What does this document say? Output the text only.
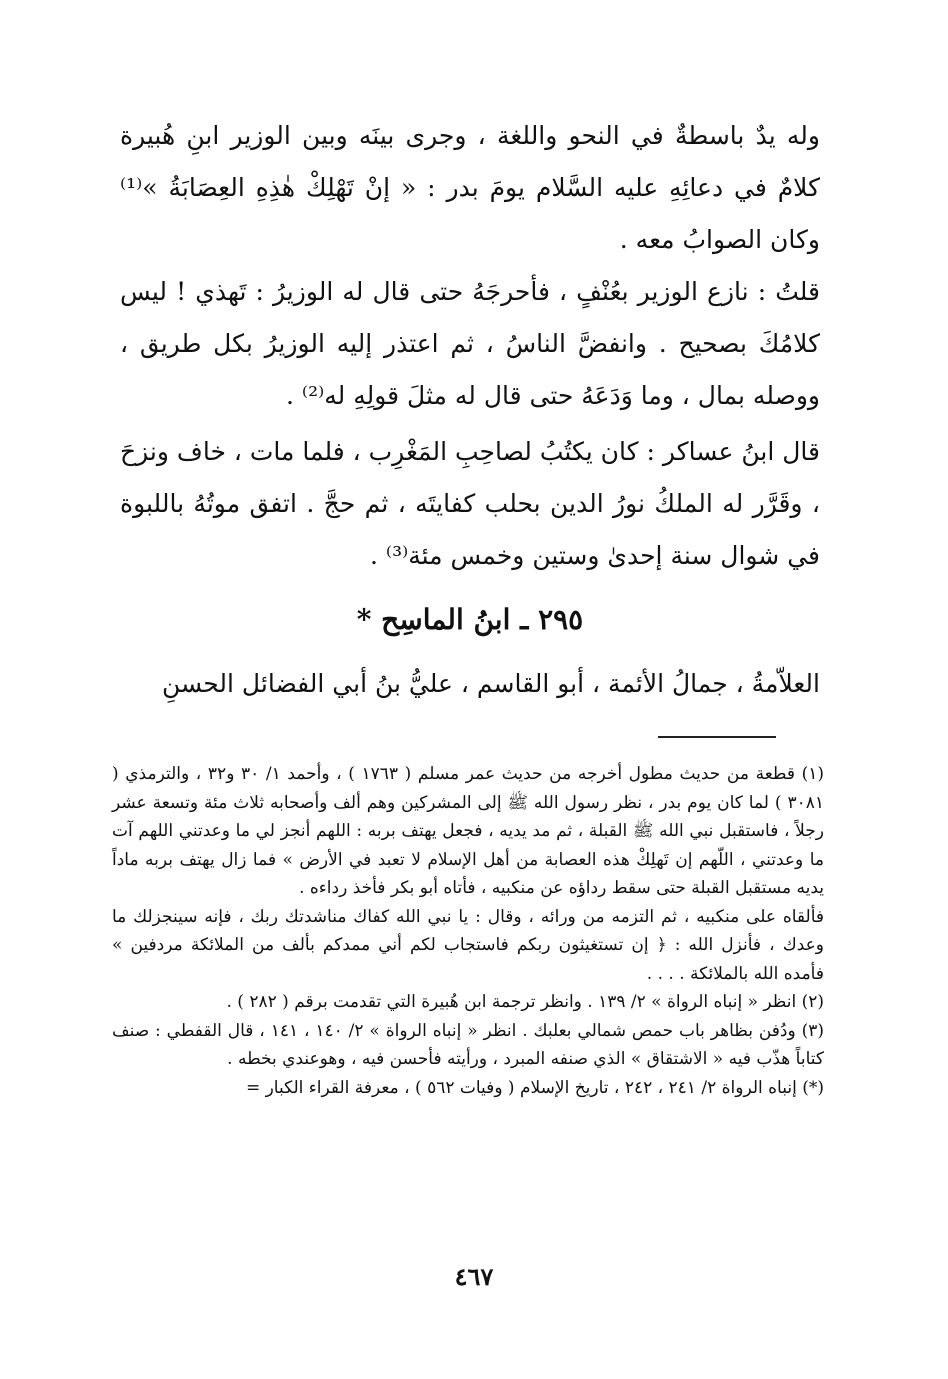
وله يدٌ باسطةٌ في النحو واللغة ، وجرى بينَه وبين الوزير ابنِ هُبيرة كلامٌ في دعائِهِ عليه السَّلام يومَ بدر : « إنْ تَهْلِكْ هٰذِهِ العِصَابَةُ »⁽¹⁾ وكان الصوابُ معه .

قلتُ : نازع الوزير بعُنْفٍ ، فأحرجَهُ حتى قال له الوزيرُ : تَهذي ! ليس كلامُكَ بصحيح . وانفضَّ الناسُ ، ثم اعتذر إليه الوزيرُ بكل طريق ، ووصله بمال ، وما وَدَعَهُ حتى قال له مثلَ قولِهِ له⁽²⁾ .

قال ابنُ عساكر : كان يكتُبُ لصاحِبِ المَغْرِب ، فلما مات ، خاف ونزحَ ، وقَرَّر له الملكُ نورُ الدين بحلب كفايتَه ، ثم حجَّ . اتفق موتُهُ باللبوة في شوال سنة إحدىٰ وستين وخمس مئة⁽³⁾ .

٢٩٥ ـ ابنُ الماسِح *

العلاّمةُ ، جمالُ الأئمة ، أبو القاسم ، عليُّ بنُ أبي الفضائل الحسنِ

(١) قطعة من حديث مطول أخرجه من حديث عمر مسلم ( ١٧٦٣ ) ، وأحمد ١/ ٣٠ و٣٢ ، والترمذي ( ٣٠٨١ ) لما كان يوم بدر ، نظر رسول الله ﷺ إلى المشركين وهم ألف وأصحابه ثلاث مئة وتسعة عشر رجلاً ، فاستقبل نبي الله ﷺ القبلة ، ثم مد يديه ، فجعل يهتف بربه : اللهم أنجز لي ما وعدتني اللهم آت ما وعدتني ، اللّهم إن تَهلِكْ هذه العصابة من أهل الإسلام لا تعبد في الأرض » فما زال يهتف بربه ماداً يديه مستقبل القبلة حتى سقط رداؤه عن منكبيه ، فأتاه أبو بكر فأخذ رداءه .

فألقاه على منكبيه ، ثم التزمه من ورائه ، وقال : يا نبي الله كفاك مناشدتك ربك ، فإنه سينجزلك ما وعدك ، فأنزل الله : ﴿ إن تستغيثون ربكم فاستجاب لكم أني ممدكم بألف من الملائكة مردفين » فأمده الله بالملائكة . . . .

(٢) انظر « إنباه الرواة » ٢/ ١٣٩ . وانظر ترجمة ابن هُبيرة التي تقدمت برقم ( ٢٨٢ ) .

(٣) ودُفن بظاهر باب حمص شمالي بعلبك . انظر « إنباه الرواة » ٢/ ١٤٠ ، ١٤١ ، قال القفطي : صنف كتاباً هذّب فيه « الاشتقاق » الذي صنفه المبرد ، ورأيته فأحسن فيه ، وهوعندي بخطه .

(*) إنباه الرواة ٢/ ٢٤١ ، ٢٤٢ ، تاريخ الإسلام ( وفيات ٥٦٢ ) ، معرفة القراء الكبار =

٤٦٧
